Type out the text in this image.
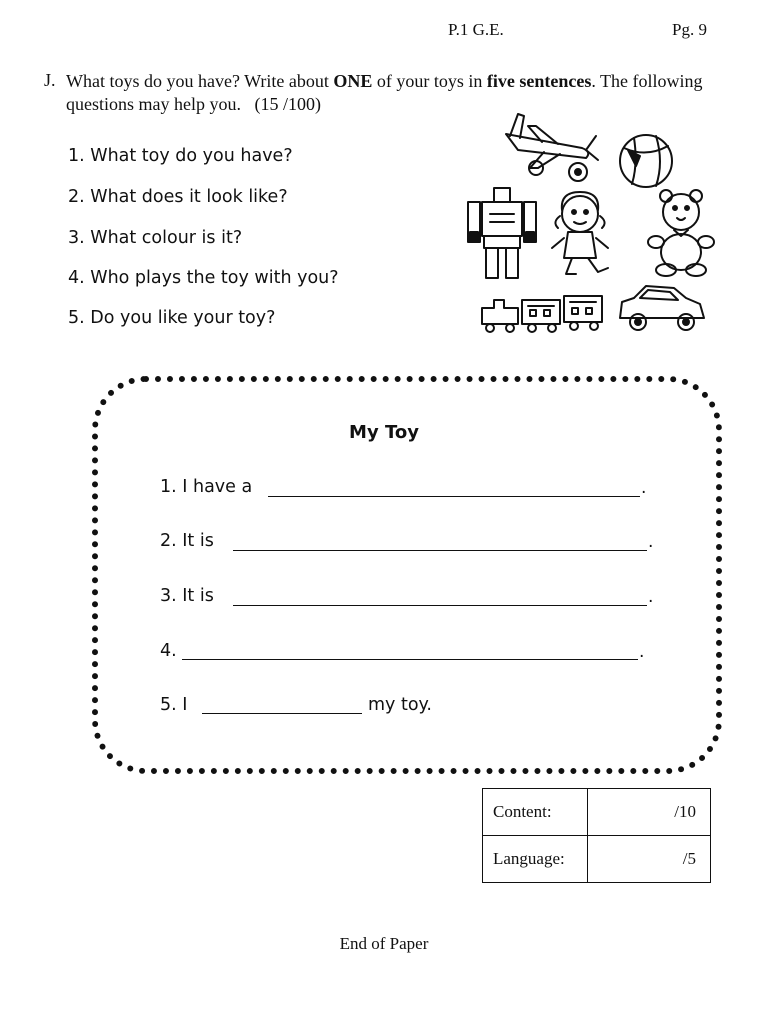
P.1 G.E.	Pg. 9
J. What toys do you have? Write about ONE of your toys in five sentences. The following questions may help you. (15 /100)
1. What toy do you have?
2. What does it look like?
3. What colour is it?
4. Who plays the toy with you?
5. Do you like your toy?
My Toy
1. I have a	.
2. It is	.
3. It is	.
4.	.
5. I	my toy.
Content:	/10
Language:	/5
End of Paper
